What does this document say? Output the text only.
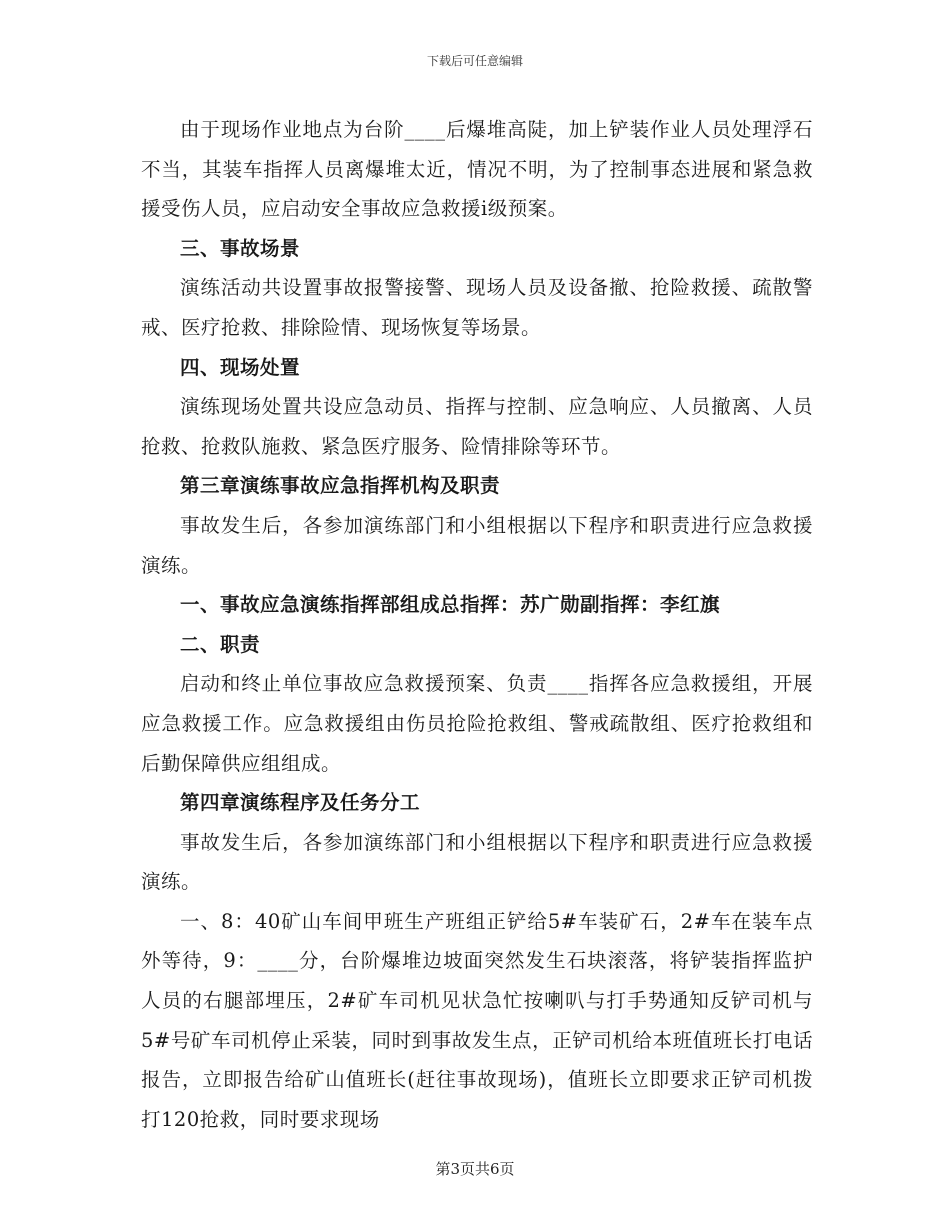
下载后可任意编辑

由于现场作业地点为台阶____后爆堆高陡，加上铲装作业人员处理浮石不当，其装车指挥人员离爆堆太近，情况不明，为了控制事态进展和紧急救援受伤人员，应启动安全事故应急救援i级预案。

三、事故场景

演练活动共设置事故报警接警、现场人员及设备撤、抢险救援、疏散警戒、医疗抢救、排除险情、现场恢复等场景。

四、现场处置

演练现场处置共设应急动员、指挥与控制、应急响应、人员撤离、人员抢救、抢救队施救、紧急医疗服务、险情排除等环节。

第三章演练事故应急指挥机构及职责

事故发生后，各参加演练部门和小组根据以下程序和职责进行应急救援演练。

一、事故应急演练指挥部组成总指挥：苏广勋副指挥：李红旗

二、职责

启动和终止单位事故应急救援预案、负责____指挥各应急救援组，开展应急救援工作。应急救援组由伤员抢险抢救组、警戒疏散组、医疗抢救组和后勤保障供应组组成。

第四章演练程序及任务分工

事故发生后，各参加演练部门和小组根据以下程序和职责进行应急救援演练。

一、8：40矿山车间甲班生产班组正铲给5#车装矿石，2#车在装车点外等待，9：____分，台阶爆堆边坡面突然发生石块滚落，将铲装指挥监护人员的右腿部埋压，2#矿车司机见状急忙按喇叭与打手势通知反铲司机与5#号矿车司机停止采装，同时到事故发生点，正铲司机给本班值班长打电话报告，立即报告给矿山值班长(赶往事故现场)，值班长立即要求正铲司机拨打120抢救，同时要求现场

第3页共6页
